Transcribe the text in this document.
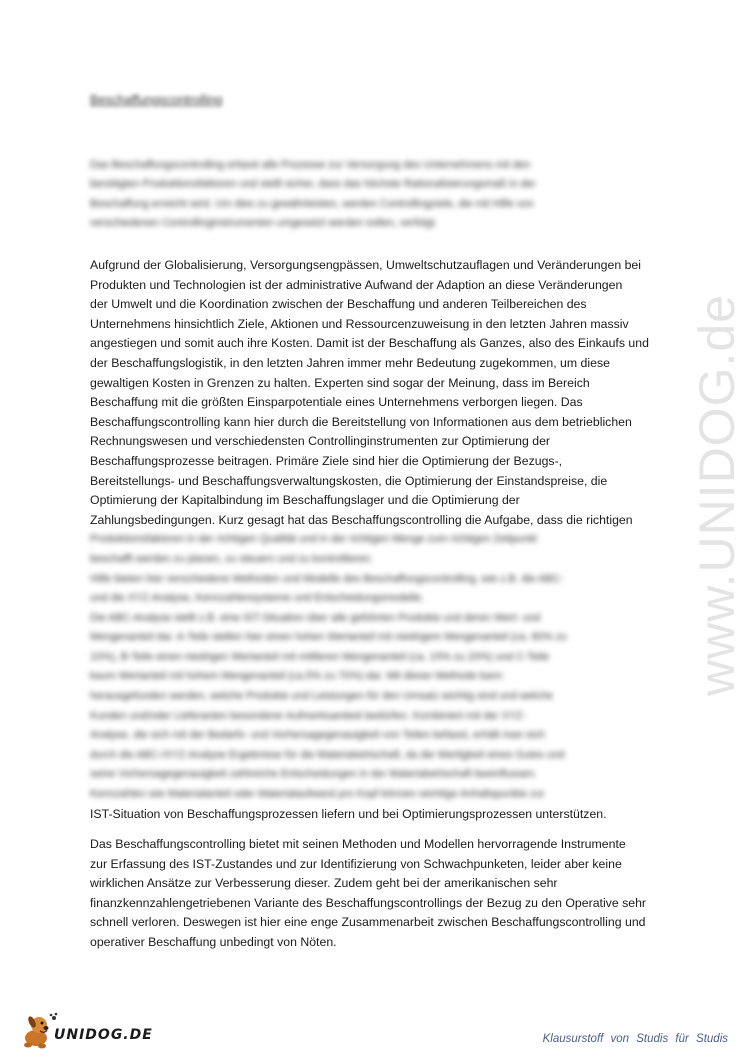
Beschaffungscontrolling
Das Beschaffungscontrolling erfasst alle Prozesse zur Versorgung des Unternehmens mit den
benötigten Produktionsfaktoren und stellt sicher, dass das höchste Rationalisierungsmaß in der
Beschaffung erreicht wird. Um dies zu gewährleisten, werden Controllingziele, die mit Hilfe von
verschiedenen Controllinginstrumenten umgesetzt werden sollen, verfolgt.
Aufgrund der Globalisierung, Versorgungsengpässen, Umweltschutzauflagen und Veränderungen bei
Produkten und Technologien ist der administrative Aufwand der Adaption an diese Veränderungen
der Umwelt und die Koordination zwischen der Beschaffung und anderen Teilbereichen des
Unternehmens hinsichtlich Ziele, Aktionen und Ressourcenzuweisung in den letzten Jahren massiv
angestiegen und somit auch ihre Kosten. Damit ist der Beschaffung als Ganzes, also des Einkaufs und
der Beschaffungslogistik, in den letzten Jahren immer mehr Bedeutung zugekommen, um diese
gewaltigen Kosten in Grenzen zu halten. Experten sind sogar der Meinung, dass im Bereich
Beschaffung mit die größten Einsparpotentiale eines Unternehmens verborgen liegen. Das
Beschaffungscontrolling kann hier durch die Bereitstellung von Informationen aus dem betrieblichen
Rechnungswesen und verschiedensten Controllinginstrumenten zur Optimierung der
Beschaffungsprozesse beitragen. Primäre Ziele sind hier die Optimierung der Bezugs-,
Bereitstellungs- und Beschaffungsverwaltungskosten, die Optimierung der Einstandspreise, die
Optimierung der Kapitalbindung im Beschaffungslager und die Optimierung der
Zahlungsbedingungen. Kurz gesagt hat das Beschaffungscontrolling die Aufgabe, dass die richtigen
Produktionsfaktoren in der richtigen Qualität und in der richtigen Menge zum richtigen Zeitpunkt
beschafft werden zu planen, zu steuern und zu kontrollieren.
Hilfe bieten hier verschiedene Methoden und Modelle des Beschaffungscontrolling, wie z.B. die ABC-
und die XYZ-Analyse, Kennzahlensysteme und Entscheidungsmodelle.
Die ABC-Analyse stellt z.B. eine IST-Situation über alle geführten Produkte und deren Wert- und
Mengenanteil dar. A-Teile stellen hier einen hohen Wertanteil mit niedrigem Mengenanteil (ca. 80% zu
10%), B-Teile einen niedrigen Wertanteil mit mittleren Mengenanteil (ca. 15% zu 20%) und C-Teile
kaum Wertanteil mit hohem Mengenanteil (ca.5% zu 70%) dar. Mit dieser Methode kann
herausgefunden werden, welche Produkte und Leistungen für den Umsatz wichtig sind und welche
Kunden und/oder Lieferanten besonderer Aufmerksamkeit bedürfen. Kombiniert mit der XYZ-
Analyse, die sich mit der Bedarfs- und Vorhersagegenauigkeit von Teilen befasst, erhält man sich
durch die ABC-/XYZ-Analyse Ergebnisse für die Materialwirtschaft, da die Wertigkeit eines Gutes und
seine Vorhersagegenauigkeit zahlreiche Entscheidungen in der Materialwirtschaft beeinflussen.
Kennzahlen wie Materialanteil oder Materialaufwand pro Kopf können wichtige Anhaltspunkte zur
IST-Situation von Beschaffungsprozessen liefern und bei Optimierungsprozessen unterstützen.
Das Beschaffungscontrolling bietet mit seinen Methoden und Modellen hervorragende Instrumente
zur Erfassung des IST-Zustandes und zur Identifizierung von Schwachpunketen, leider aber keine
wirklichen Ansätze zur Verbesserung dieser. Zudem geht bei der amerikanischen sehr
finanzkennzahlengetriebenen Variante des Beschaffungscontrollings der Bezug zu den Operative sehr
schnell verloren. Deswegen ist hier eine enge Zusammenarbeit zwischen Beschaffungscontrolling und
operativer Beschaffung unbedingt von Nöten.
www.UNIDOG.de
UNIDOG.DE	Klausurstoff von Studis für Studis
